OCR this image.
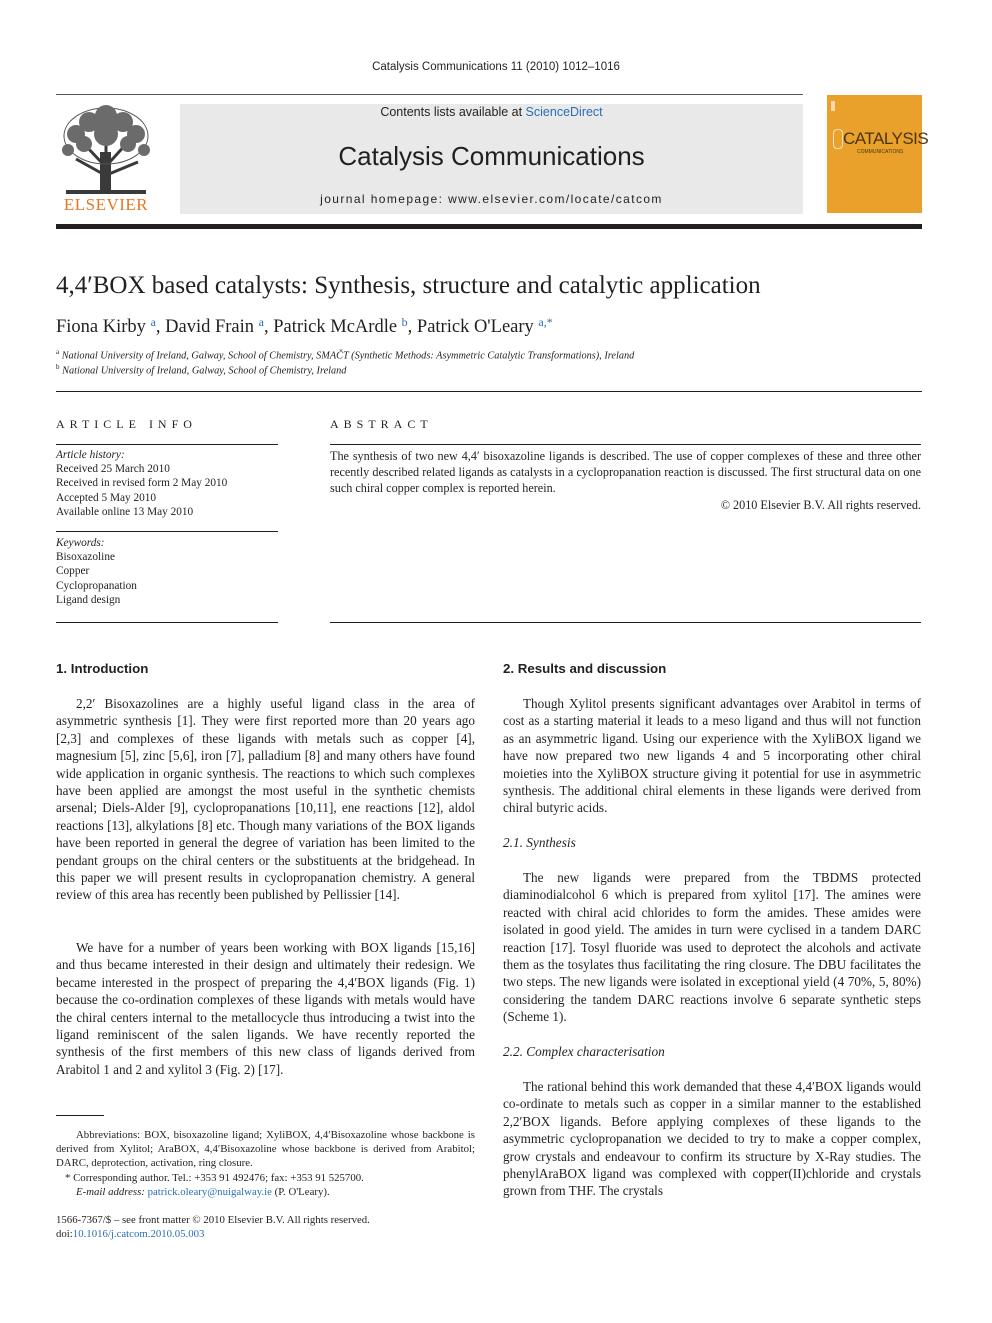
Catalysis Communications 11 (2010) 1012–1016
ELSEVIER
Contents lists available at ScienceDirect
Catalysis Communications
journal homepage: www.elsevier.com/locate/catcom
CATALYSIS
COMMUNICATIONS
4,4′BOX based catalysts: Synthesis, structure and catalytic application
Fiona Kirby $^a$, David Frain $^a$, Patrick McArdle $^b$, Patrick O'Leary $^{a,*}$
$^a$ National University of Ireland, Galway, School of Chemistry, SMAČT (Synthetic Methods: Asymmetric Catalytic Transformations), Ireland
$^b$ National University of Ireland, Galway, School of Chemistry, Ireland
ARTICLE INFO
Article history:
Received 25 March 2010
Received in revised form 2 May 2010
Accepted 5 May 2010
Available online 13 May 2010
Keywords:
Bisoxazoline
Copper
Cyclopropanation
Ligand design
ABSTRACT
The synthesis of two new 4,4′ bisoxazoline ligands is described. The use of copper complexes of these and three other recently described related ligands as catalysts in a cyclopropanation reaction is discussed. The first structural data on one such chiral copper complex is reported herein.
© 2010 Elsevier B.V. All rights reserved.
1. Introduction
2,2′ Bisoxazolines are a highly useful ligand class in the area of asymmetric synthesis [1]. They were first reported more than 20 years ago [2,3] and complexes of these ligands with metals such as copper [4], magnesium [5], zinc [5,6], iron [7], palladium [8] and many others have found wide application in organic synthesis. The reactions to which such complexes have been applied are amongst the most useful in the synthetic chemists arsenal; Diels-Alder [9], cyclopropanations [10,11], ene reactions [12], aldol reactions [13], alkylations [8] etc. Though many variations of the BOX ligands have been reported in general the degree of variation has been limited to the pendant groups on the chiral centers or the substituents at the bridgehead. In this paper we will present results in cyclopropanation chemistry. A general review of this area has recently been published by Pellissier [14].
We have for a number of years been working with BOX ligands [15,16] and thus became interested in their design and ultimately their redesign. We became interested in the prospect of preparing the 4,4′BOX ligands (Fig. 1) because the co-ordination complexes of these ligands with metals would have the chiral centers internal to the metallocycle thus introducing a twist into the ligand reminiscent of the salen ligands. We have recently reported the synthesis of the first members of this new class of ligands derived from Arabitol 1 and 2 and xylitol 3 (Fig. 2) [17].
Abbreviations: BOX, bisoxazoline ligand; XyliBOX, 4,4′Bisoxazoline whose backbone is derived from Xylitol; AraBOX, 4,4′Bisoxazoline whose backbone is derived from Arabitol; DARC, deprotection, activation, ring closure.
* Corresponding author. Tel.: +353 91 492476; fax: +353 91 525700.
E-mail address: patrick.oleary@nuigalway.ie (P. O'Leary).
1566-7367/$ – see front matter © 2010 Elsevier B.V. All rights reserved.
doi:10.1016/j.catcom.2010.05.003
2. Results and discussion
Though Xylitol presents significant advantages over Arabitol in terms of cost as a starting material it leads to a meso ligand and thus will not function as an asymmetric ligand. Using our experience with the XyliBOX ligand we have now prepared two new ligands 4 and 5 incorporating other chiral moieties into the XyliBOX structure giving it potential for use in asymmetric synthesis. The additional chiral elements in these ligands were derived from chiral butyric acids.
2.1. Synthesis
The new ligands were prepared from the TBDMS protected diaminodialcohol 6 which is prepared from xylitol [17]. The amines were reacted with chiral acid chlorides to form the amides. These amides were isolated in good yield. The amides in turn were cyclised in a tandem DARC reaction [17]. Tosyl fluoride was used to deprotect the alcohols and activate them as the tosylates thus facilitating the ring closure. The DBU facilitates the two steps. The new ligands were isolated in exceptional yield (4 70%, 5, 80%) considering the tandem DARC reactions involve 6 separate synthetic steps (Scheme 1).
2.2. Complex characterisation
The rational behind this work demanded that these 4,4′BOX ligands would co-ordinate to metals such as copper in a similar manner to the established 2,2′BOX ligands. Before applying complexes of these ligands to the asymmetric cyclopropanation we decided to try to make a copper complex, grow crystals and endeavour to confirm its structure by X-Ray studies. The phenylAraBOX ligand was complexed with copper(II)chloride and crystals grown from THF. The crystals
